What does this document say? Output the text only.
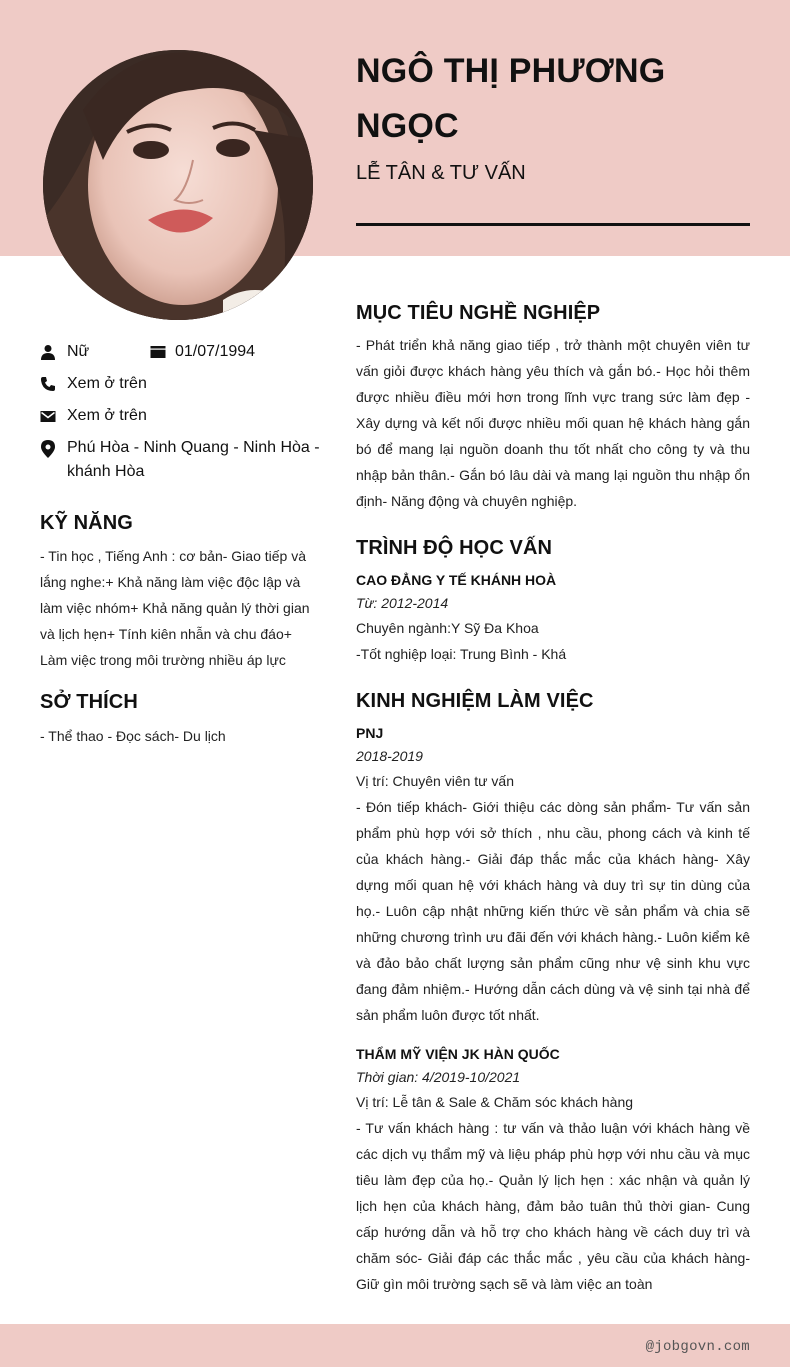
NGÔ THỊ PHƯƠNG NGỌC
LỄ TÂN & TƯ VẤN
Nữ	01/07/1994
Xem ở trên
Xem ở trên
Phú Hòa - Ninh Quang - Ninh Hòa - khánh Hòa
KỸ NĂNG
- Tin học , Tiếng Anh : cơ bản- Giao tiếp và lắng nghe:+ Khả năng làm việc độc lập và làm việc nhóm+ Khả năng quản lý thời gian và lịch hẹn+ Tính kiên nhẫn và chu đáo+ Làm việc trong môi trường nhiều áp lực
SỞ THÍCH
- Thể thao - Đọc sách- Du lịch
MỤC TIÊU NGHỀ NGHIỆP
- Phát triển khả năng giao tiếp , trở thành một chuyên viên tư vấn giỏi được khách hàng yêu thích và gắn bó.- Học hỏi thêm được nhiều điều mới hơn trong lĩnh vực trang sức làm đẹp - Xây dựng và kết nối được nhiều mối quan hệ khách hàng gắn bó để mang lại nguồn doanh thu tốt nhất cho công ty và thu nhập bản thân.- Gắn bó lâu dài và mang lại nguồn thu nhập ổn định- Năng động và chuyên nghiệp.
TRÌNH ĐỘ HỌC VẤN
CAO ĐẲNG Y TẾ KHÁNH HOÀ
Từ: 2012-2014
Chuyên ngành:Y Sỹ Đa Khoa
-Tốt nghiệp loại: Trung Bình - Khá
KINH NGHIỆM LÀM VIỆC
PNJ
2018-2019
Vị trí: Chuyên viên tư vấn
- Đón tiếp khách- Giới thiệu các dòng sản phẩm- Tư vấn sản phẩm phù hợp với sở thích , nhu cầu, phong cách và kinh tế của khách hàng.- Giải đáp thắc mắc của khách hàng- Xây dựng mối quan hệ với khách hàng và duy trì sự tin dùng của họ.- Luôn cập nhật những kiến thức về sản phẩm và chia sẽ những chương trình ưu đãi đến với khách hàng.- Luôn kiểm kê và đảo bảo chất lượng sản phẩm cũng như vệ sinh khu vực đang đảm nhiệm.- Hướng dẫn cách dùng và vệ sinh tại nhà để sản phẩm luôn được tốt nhất.
THẨM MỸ VIỆN JK HÀN QUỐC
Thời gian: 4/2019-10/2021
Vị trí: Lễ tân & Sale & Chăm sóc khách hàng
- Tư vấn khách hàng : tư vấn và thảo luận với khách hàng về các dịch vụ thẩm mỹ và liệu pháp phù hợp với nhu cầu và mục tiêu làm đẹp của họ.- Quản lý lịch hẹn : xác nhận và quản lý lịch hẹn của khách hàng, đảm bảo tuân thủ thời gian- Cung cấp hướng dẫn và hỗ trợ cho khách hàng về cách duy trì và chăm sóc- Giải đáp các thắc mắc , yêu cầu của khách hàng- Giữ gìn môi trường sạch sẽ và làm việc an toàn
@jobgovn.com
